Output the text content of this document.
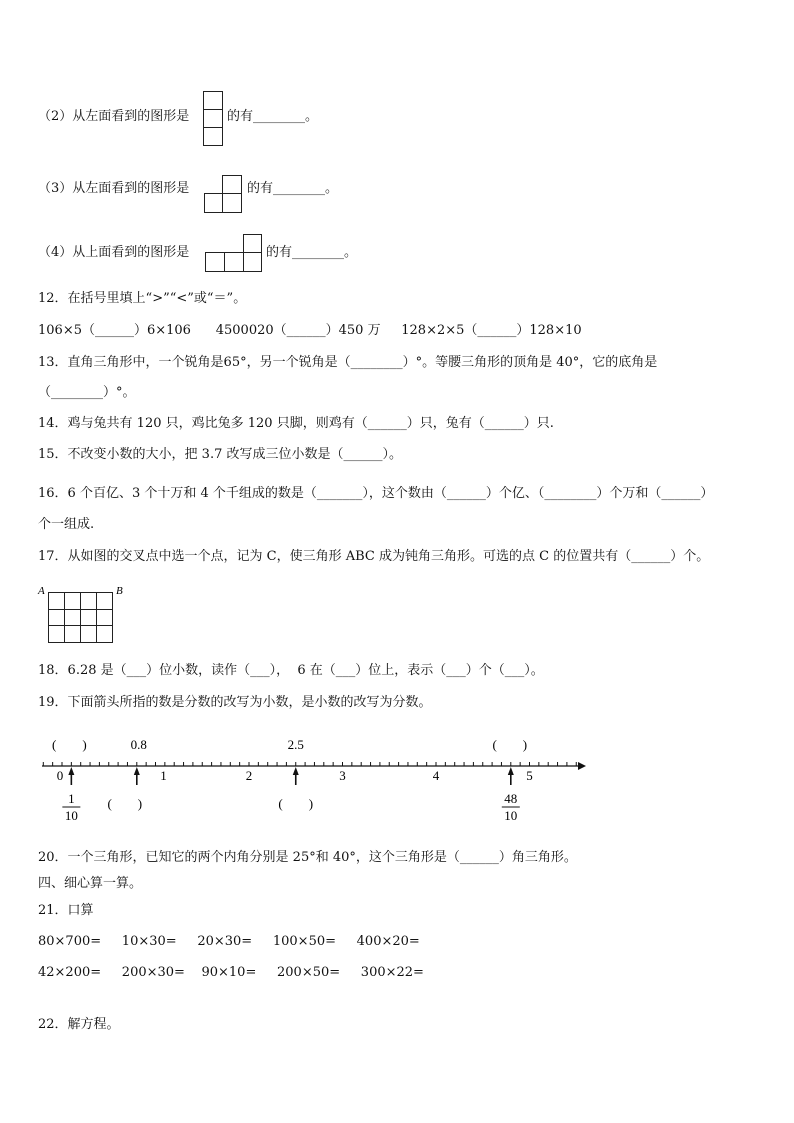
（2）从左面看到的图形是	的有________。
（3）从左面看到的图形是	的有________。
（4）从上面看到的图形是	的有________。
12．在括号里填上“>”“<”或“＝”。
106×5（______）6×106      4500020（______）450 万     128×2×5（______）128×10
13．直角三角形中，一个锐角是65°，另一个锐角是（________）°。等腰三角形的顶角是 40°，它的底角是
（________）°。
14．鸡与兔共有 120 只，鸡比兔多 120 只脚，则鸡有（______）只，兔有（______）只.
15．不改变小数的大小，把 3.7 改写成三位小数是（______）。
16．6 个百亿、3 个十万和 4 个千组成的数是（_______），这个数由（______）个亿、（________）个万和（______）
个一组成.
17．从如图的交叉点中选一个点，记为 C，使三角形 ABC 成为钝角三角形。可选的点 C 的位置共有（______）个。
A	B
18．6.28 是（___）位小数，读作（___），  6 在（___）位上，表示（___）个（___）。
19．下面箭头所指的数是分数的改写为小数，是小数的改写为分数。
0	1	2	3	4	5
(　　)	0.8	2.5	(　　)
1
10
48
10
(　　)	(　　)
20．一个三角形，已知它的两个内角分别是 25°和 40°，这个三角形是（______）角三角形。
四、细心算一算。
21．口算
80×700=     10×30=     20×30=     100×50=     400×20=
42×200=     200×30=    90×10=     200×50=     300×22=
22．解方程。
